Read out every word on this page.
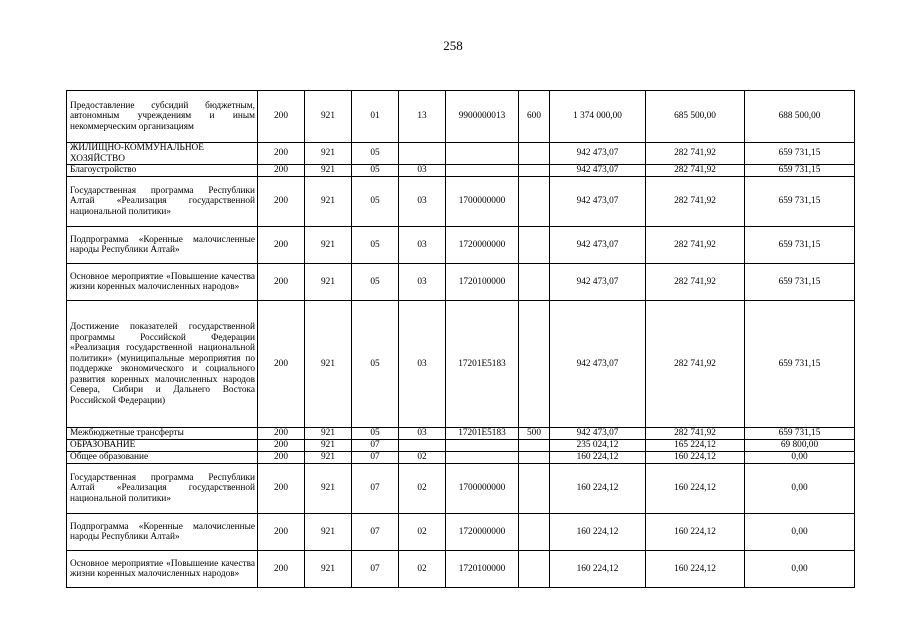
258
Предоставление субсидий бюджетным, автономным учреждениям и иным некоммерческим организациям	200	921	01	13	9900000013	600	1 374 000,00	685 500,00	688 500,00
ЖИЛИЩНО-КОММУНАЛЬНОЕ ХОЗЯЙСТВО	200	921	05				942 473,07	282 741,92	659 731,15
Благоустройство	200	921	05	03			942 473,07	282 741,92	659 731,15
Государственная программа Республики Алтай «Реализация государственной национальной политики»	200	921	05	03	1700000000		942 473,07	282 741,92	659 731,15
Подпрограмма «Коренные малочисленные народы Республики Алтай»	200	921	05	03	1720000000		942 473,07	282 741,92	659 731,15
Основное мероприятие «Повышение качества жизни коренных малочисленных народов»	200	921	05	03	1720100000		942 473,07	282 741,92	659 731,15
Достижение показателей государственной программы Российской Федерации «Реализация государственной национальной политики» (муниципальные мероприятия по поддержке экономического и социального развития коренных малочисленных народов Севера, Сибири и Дальнего Востока Российской Федерации)	200	921	05	03	17201E5183		942 473,07	282 741,92	659 731,15
Межбюджетные трансферты	200	921	05	03	17201E5183	500	942 473,07	282 741,92	659 731,15
ОБРАЗОВАНИЕ	200	921	07				235 024,12	165 224,12	69 800,00
Общее образование	200	921	07	02			160 224,12	160 224,12	0,00
Государственная программа Республики Алтай «Реализация государственной национальной политики»	200	921	07	02	1700000000		160 224,12	160 224,12	0,00
Подпрограмма «Коренные малочисленные народы Республики Алтай»	200	921	07	02	1720000000		160 224,12	160 224,12	0,00
Основное мероприятие «Повышение качества жизни коренных малочисленных народов»	200	921	07	02	1720100000		160 224,12	160 224,12	0,00
